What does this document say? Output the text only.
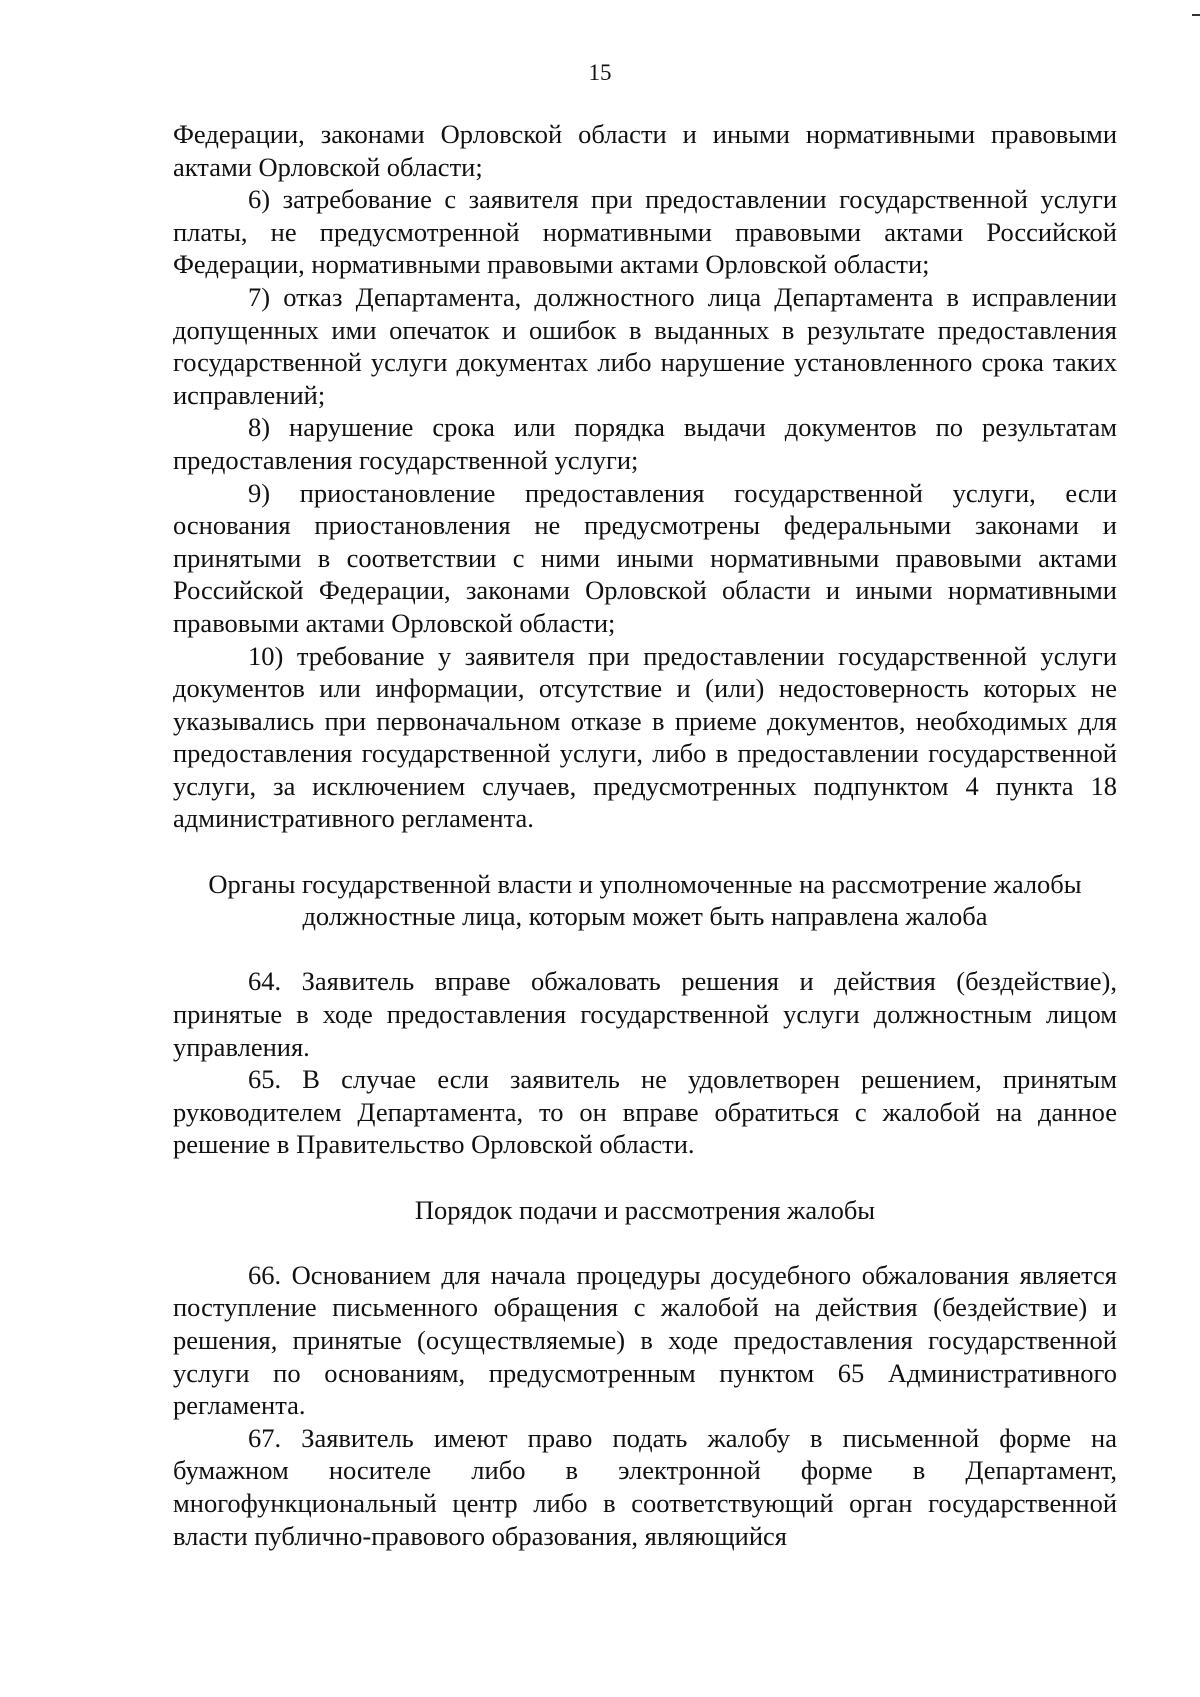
15

Федерации, законами Орловской области и иными нормативными правовыми актами Орловской области;

6) затребование с заявителя при предоставлении государственной услуги платы, не предусмотренной нормативными правовыми актами Российской Федерации, нормативными правовыми актами Орловской области;

7) отказ Департамента, должностного лица Департамента в исправлении допущенных ими опечаток и ошибок в выданных в результате предоставления государственной услуги документах либо нарушение установленного срока таких исправлений;

8) нарушение срока или порядка выдачи документов по результатам предоставления государственной услуги;

9) приостановление предоставления государственной услуги, если основания приостановления не предусмотрены федеральными законами и принятыми в соответствии с ними иными нормативными правовыми актами Российской Федерации, законами Орловской области и иными нормативными правовыми актами Орловской области;

10) требование у заявителя при предоставлении государственной услуги документов или информации, отсутствие и (или) недостоверность которых не указывались при первоначальном отказе в приеме документов, необходимых для предоставления государственной услуги, либо в предоставлении государственной услуги, за исключением случаев, предусмотренных подпунктом 4 пункта 18 административного регламента.

Органы государственной власти и уполномоченные на рассмотрение жалобы

должностные лица, которым может быть направлена жалоба

64. Заявитель вправе обжаловать решения и действия (бездействие), принятые в ходе предоставления государственной услуги должностным лицом управления.

65. В случае если заявитель не удовлетворен решением, принятым руководителем Департамента, то он вправе обратиться с жалобой на данное решение в Правительство Орловской области.

Порядок подачи и рассмотрения жалобы

66. Основанием для начала процедуры досудебного обжалования является поступление письменного обращения с жалобой на действия (бездействие) и решения, принятые (осуществляемые) в ходе предоставления государственной услуги по основаниям, предусмотренным пунктом 65 Административного регламента.

67. Заявитель имеют право подать жалобу в письменной форме на бумажном носителе либо в электронной форме в Департамент, многофункциональный центр либо в соответствующий орган государственной власти публично-правового образования, являющийся
